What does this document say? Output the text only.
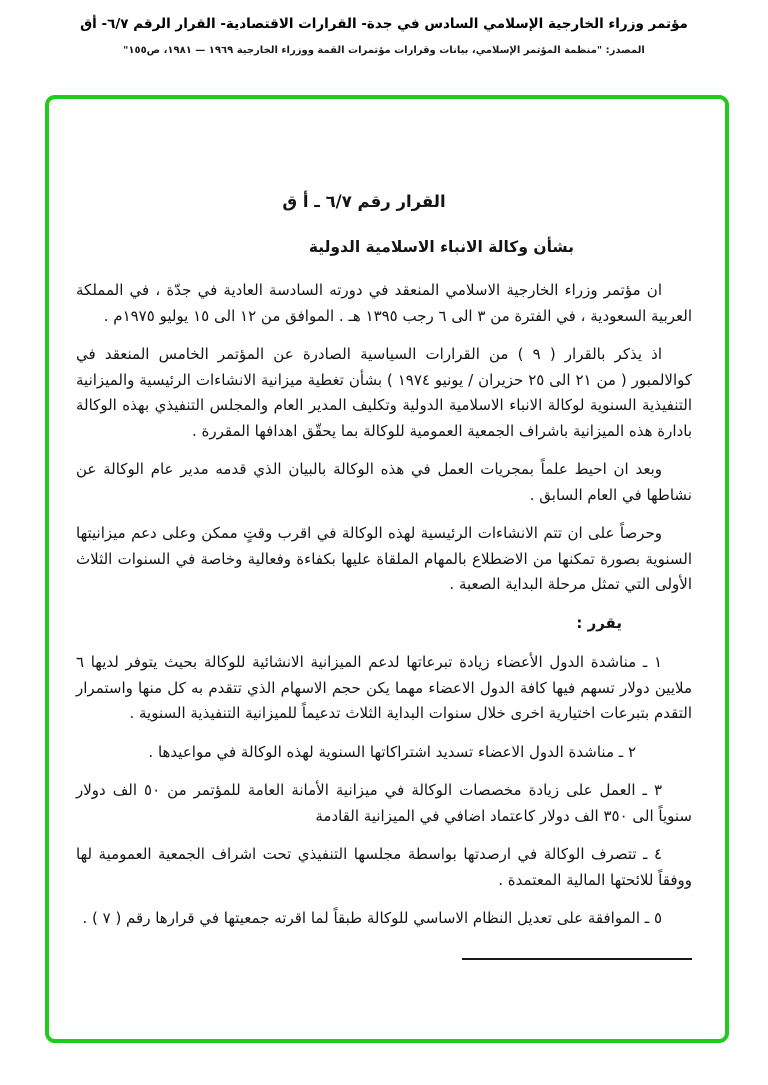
مؤتمر وزراء الخارجية الإسلامي السادس في جدة- القرارات الاقتصادية- القرار الرقم ٦/٧- أق
المصدر: "منظمة المؤتمر الإسلامي، بيانات وقرارات مؤتمرات القمة ووزراء الخارجية ١٩٦٩ — ١٩٨١، ص١٥٥"
القرار رقم ٦/٧ ـ أ ق
بشأن وكالة الانباء الاسلامية الدولية

ان مؤتمر وزراء الخارجية الاسلامي المنعقد في دورته السادسة العادية في جدّة ، في المملكة العربية السعودية ، في الفترة من ٣ الى ٦ رجب ١٣٩٥ هـ . الموافق من ١٢ الى ١٥ يوليو ١٩٧٥م .

اذ يذكر بالقرار ( ٩ ) من القرارات السياسية الصادرة عن المؤتمر الخامس المنعقد في كوالالمبور ( من ٢١ الى ٢٥ حزيران / يونيو ١٩٧٤ ) بشأن تغطية ميزانية الانشاءات الرئيسية والميزانية التنفيذية السنوية لوكالة الانباء الاسلامية الدولية وتكليف المدير العام والمجلس التنفيذي بهذه الوكالة بادارة هذه الميزانية باشراف الجمعية العمومية للوكالة بما يحقّق اهدافها المقررة .

وبعد ان احيط علماً بمجريات العمل في هذه الوكالة بالبيان الذي قدمه مدير عام الوكالة عن نشاطها في العام السابق .

وحرصاً على ان تتم الانشاءات الرئيسية لهذه الوكالة في اقرب وقتٍ ممكن وعلى دعم ميزانيتها السنوية بصورة تمكنها من الاضطلاع بالمهام الملقاة عليها بكفاءة وفعالية وخاصة في السنوات الثلاث الأولى التي تمثل مرحلة البداية الصعبة .

يقرر :

١ ـ مناشدة الدول الأعضاء زيادة تبرعاتها لدعم الميزانية الانشائية للوكالة بحيث يتوفر لديها ٦ ملايين دولار تسهم فيها كافة الدول الاعضاء مهما يكن حجم الاسهام الذي تتقدم به كل منها واستمرار التقدم بتبرعات اختيارية اخرى خلال سنوات البداية الثلاث تدعيماً للميزانية التنفيذية السنوية .

٢ ـ مناشدة الدول الاعضاء تسديد اشتراكاتها السنوية لهذه الوكالة في مواعيدها .

٣ ـ العمل على زيادة مخصصات الوكالة في ميزانية الأمانة العامة للمؤتمر من ٥٠ الف دولار سنوياً الى ٣٥٠ الف دولار كاعتماد اضافي في الميزانية القادمة

٤ ـ تتصرف الوكالة في ارصدتها بواسطة مجلسها التنفيذي تحت اشراف الجمعية العمومية لها ووفقاً للائحتها المالية المعتمدة .

٥ ـ الموافقة على تعديل النظام الاساسي للوكالة طبقاً لما اقرته جمعيتها في قرارها رقم ( ٧ ) .
